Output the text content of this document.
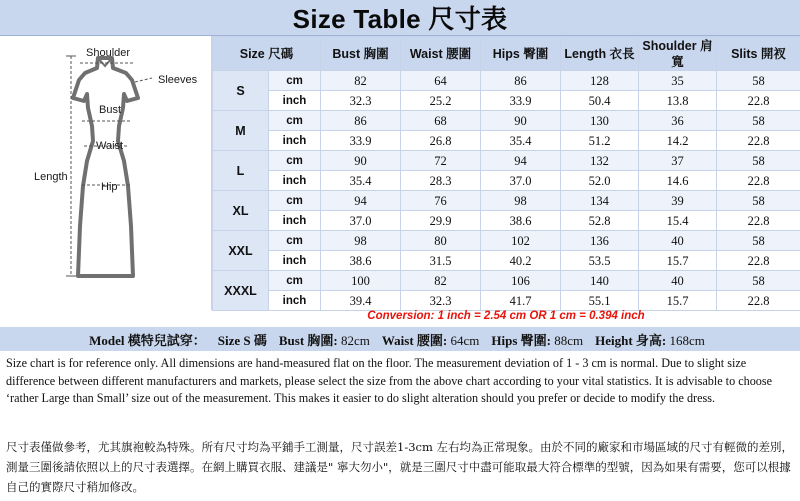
Size Table 尺寸表
Shoulder
Sleeves
Bust
Waist
Hip
Length
Size 尺碼		Bust 胸圍	Waist 腰圍	Hips 臀圍	Length 衣長	Shoulder 肩寬	Slits 開衩
S	cm	82	64	86	128	35	58
	inch	32.3	25.2	33.9	50.4	13.8	22.8
M	cm	86	68	90	130	36	58
	inch	33.9	26.8	35.4	51.2	14.2	22.8
L	cm	90	72	94	132	37	58
	inch	35.4	28.3	37.0	52.0	14.6	22.8
XL	cm	94	76	98	134	39	58
	inch	37.0	29.9	38.6	52.8	15.4	22.8
XXL	cm	98	80	102	136	40	58
	inch	38.6	31.5	40.2	53.5	15.7	22.8
XXXL	cm	100	82	106	140	40	58
	inch	39.4	32.3	41.7	55.1	15.7	22.8
Conversion: 1 inch = 2.54 cm OR 1 cm = 0.394 inch
Model 模特兒試穿： Size S 碼 Bust 胸圍: 82cm Waist 腰圍: 64cm Hips 臀圍: 88cm Height 身高: 168cm
Size chart is for reference only. All dimensions are hand-measured flat on the floor. The measurement deviation of 1 - 3 cm is normal. Due to slight size difference between different manufacturers and markets, please select the size from the above chart according to your vital statistics. It is advisable to choose ‘rather Large than Small’ size out of the measurement. This makes it easier to do slight alteration should you prefer or decide to modify the dress.
尺寸表僅做參考，尤其旗袍較為特殊。所有尺寸均為平鋪手工測量，尺寸誤差1-3cm 左右均為正常現象。由於不同的廠家和市場區域的尺寸有輕微的差別，測量三圍後請依照以上的尺寸表選擇。在網上購買衣服、建議是" 寧大勿小"，就是三圍尺寸中盡可能取最大符合標準的型號，因為如果有需要，您可以根據自己的實際尺寸稍加修改。
